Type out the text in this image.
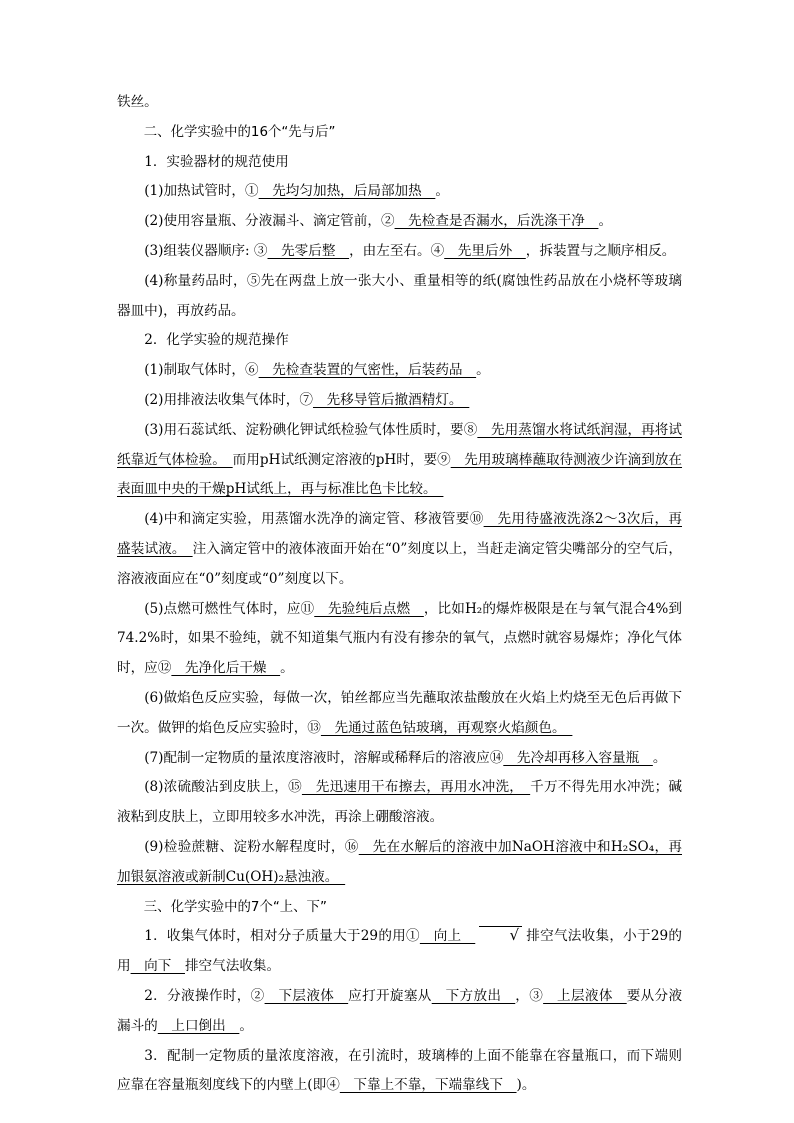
铁丝。

二、化学实验中的16个“先与后”

1．实验器材的规范使用

(1)加热试管时，①　先均匀加热，后局部加热　。

(2)使用容量瓶、分液漏斗、滴定管前，②　先检查是否漏水，后洗涤干净　。

(3)组装仪器顺序: ③　先零后整　，由左至右。④　先里后外　，拆装置与之顺序相反。

(4)称量药品时，⑤先在两盘上放一张大小、重量相等的纸(腐蚀性药品放在小烧杯等玻璃器皿中)，再放药品。

2．化学实验的规范操作

(1)制取气体时，⑥　先检查装置的气密性，后装药品　。

(2)用排液法收集气体时，⑦　先移导管后撤酒精灯。　

(3)用石蕊试纸、淀粉碘化钾试纸检验气体性质时，要⑧　先用蒸馏水将试纸润湿，再将试纸靠近气体检验。　而用pH试纸测定溶液的pH时，要⑨　先用玻璃棒蘸取待测液少许滴到放在表面皿中央的干燥pH试纸上，再与标准比色卡比较。　

(4)中和滴定实验，用蒸馏水洗净的滴定管、移液管要⑩　先用待盛液洗涤2～3次后，再盛装试液。　注入滴定管中的液体液面开始在“0”刻度以上，当赶走滴定管尖嘴部分的空气后，溶液液面应在“0”刻度或“0”刻度以下。

(5)点燃可燃性气体时，应⑪　先验纯后点燃　，比如H₂的爆炸极限是在与氧气混合4%到74.2%时，如果不验纯，就不知道集气瓶内有没有掺杂的氧气，点燃时就容易爆炸；净化气体时，应⑫　先净化后干燥　。

(6)做焰色反应实验，每做一次，铂丝都应当先蘸取浓盐酸放在火焰上灼烧至无色后再做下一次。做钾的焰色反应实验时，⑬　先通过蓝色钴玻璃，再观察火焰颜色。　

(7)配制一定物质的量浓度溶液时，溶解或稀释后的溶液应⑭　先冷却再移入容量瓶　。

(8)浓硫酸沾到皮肤上，⑮　先迅速用干布擦去，再用水冲洗，　千万不得先用水冲洗；碱液粘到皮肤上，立即用较多水冲洗，再涂上硼酸溶液。

(9)检验蔗糖、淀粉水解程度时，⑯　先在水解后的溶液中加NaOH溶液中和H₂SO₄，再加银氨溶液或新制Cu(OH)₂悬浊液。　

三、化学实验中的7个“上、下”

1．收集气体时，相对分子质量大于29的用①　向上　√ 排空气法收集，小于29的用　向下　排空气法收集。

2．分液操作时，②　下层液体　应打开旋塞从　下方放出　，③　上层液体　要从分液漏斗的　上口倒出　。

3．配制一定物质的量浓度溶液，在引流时，玻璃棒的上面不能靠在容量瓶口，而下端则应靠在容量瓶刻度线下的内壁上(即④　下靠上不靠，下端靠线下　)。
